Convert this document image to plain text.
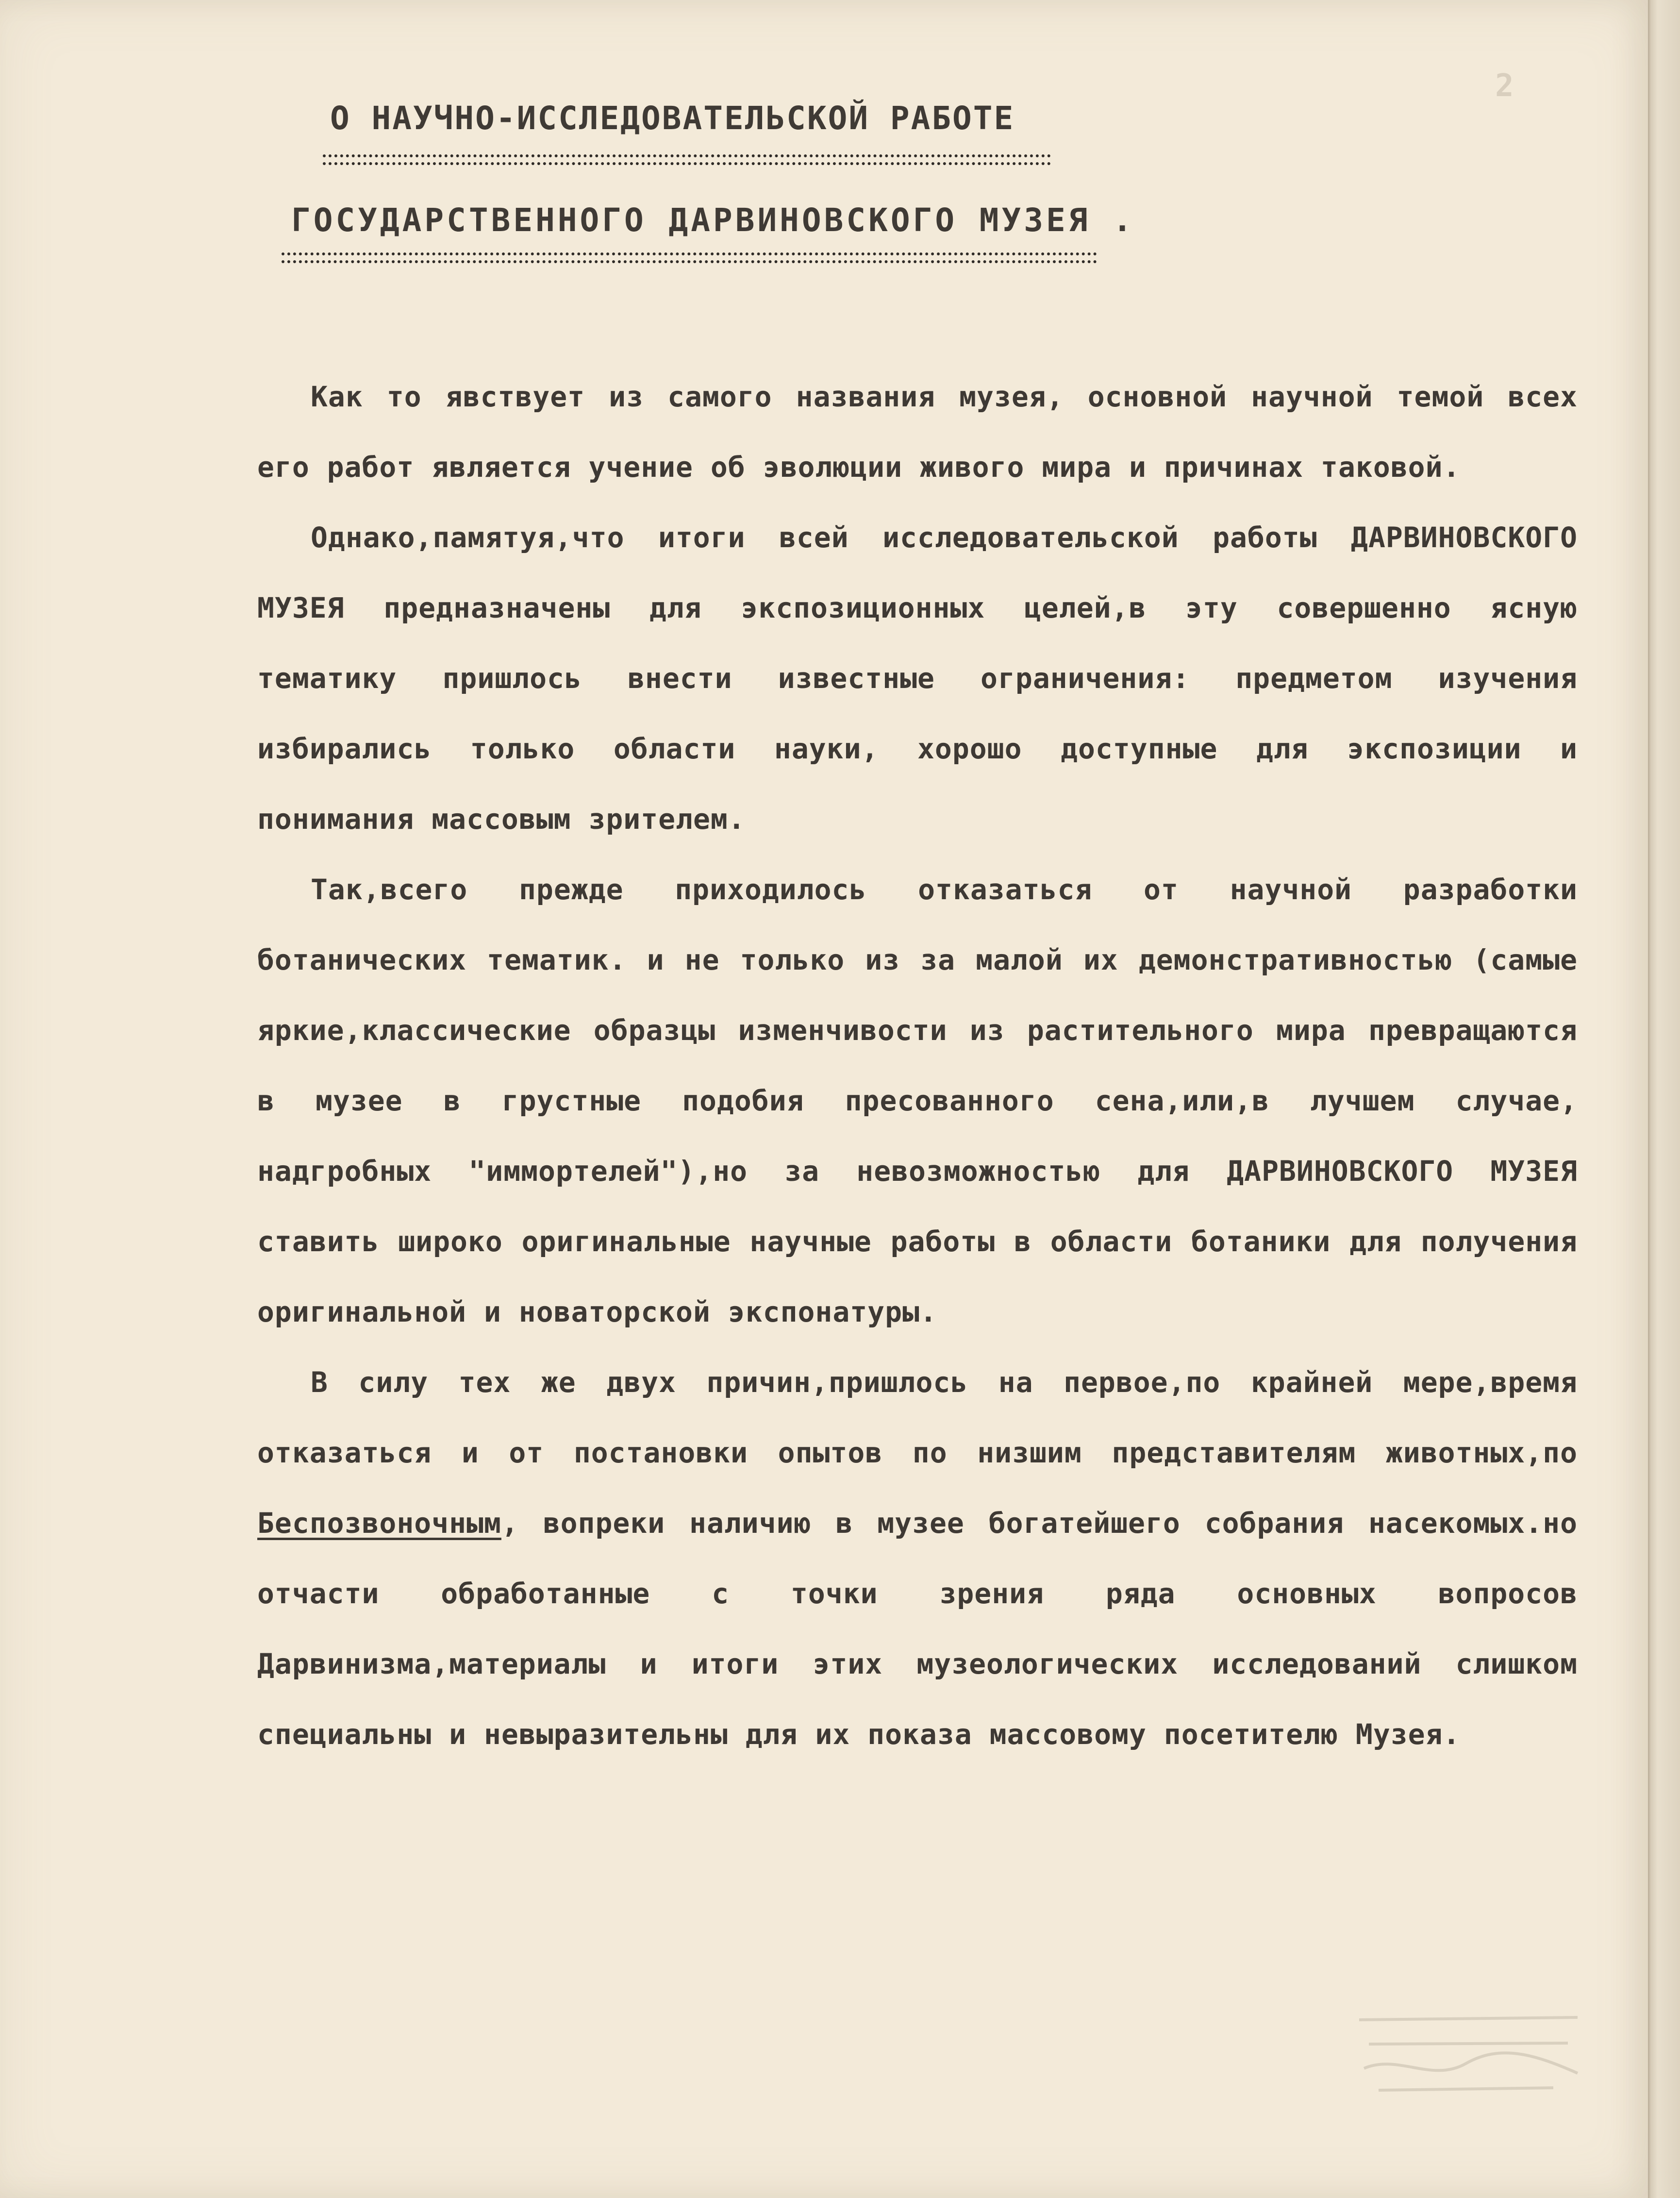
2
О НАУЧНО-ИССЛЕДОВАТЕЛЬСКОЙ РАБОТЕ
ГОСУДАРСТВЕННОГО ДАРВИНОВСКОГО МУЗЕЯ .

Как то явствует из самого названия музея, основной научной темой всех его работ является учение об эволюции живого мира и причинах таковой.

Однако,памятуя,что итоги всей исследовательской работы ДАРВИНОВСКОГО МУЗЕЯ предназначены для экспозиционных целей,в эту совершенно ясную тематику пришлось внести известные ограничения: предметом изучения избирались только области науки, хорошо доступные для экспозиции и понимания массовым зрителем.

Так,всего прежде приходилось отказаться от научной разработки ботанических тематик. и не только из за малой их демонстративностью (самые яркие,классические образцы изменчивости из растительного мира превращаются в музее в грустные подобия пресованного сена,или,в лучшем случае, надгробных "иммортелей"),но за невозможностью для ДАРВИНОВСКОГО МУЗЕЯ ставить широко оригинальные научные работы в области ботаники для получения оригинальной и новаторской экспонатуры.

В силу тех же двух причин,пришлось на первое,по крайней мере,время отказаться и от постановки опытов по низшим представителям животных,по Беспозвоночным, вопреки наличию в музее богатейшего собрания насекомых.но отчасти обработанные с точки зрения ряда основных вопросов Дарвинизма,материалы и итоги этих музеологических исследований слишком специальны и невыразительны для их показа массовому посетителю Музея.
